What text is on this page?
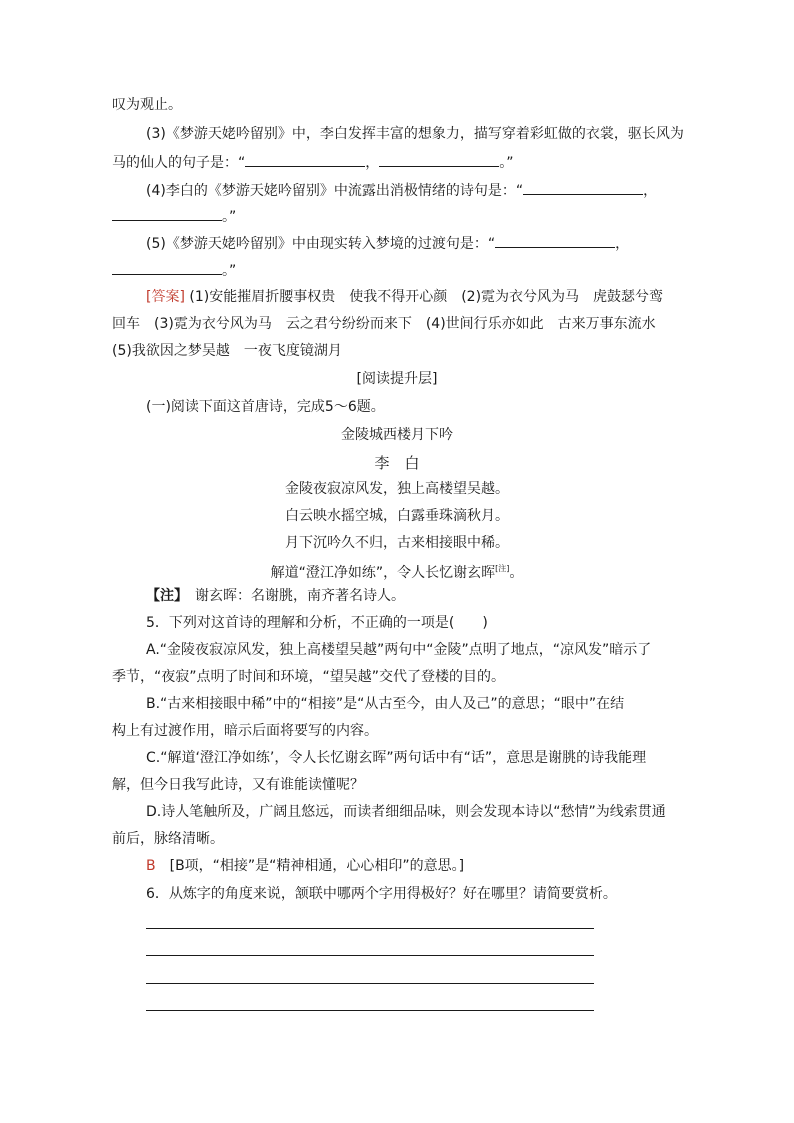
叹为观止。
(3)《梦游天姥吟留别》中，李白发挥丰富的想象力，描写穿着彩虹做的衣裳，驱长风为
马的仙人的句子是：“	，	。”
(4)李白的《梦游天姥吟留别》中流露出消极情绪的诗句是：“	，
。”
(5)《梦游天姥吟留别》中由现实转入梦境的过渡句是：“	，
。”
[答案] (1)安能摧眉折腰事权贵　使我不得开心颜　(2)霓为衣兮风为马　虎鼓瑟兮鸾
回车　(3)霓为衣兮风为马　云之君兮纷纷而来下　(4)世间行乐亦如此　古来万事东流水
(5)我欲因之梦吴越　一夜飞度镜湖月
[阅读提升层]
(一)阅读下面这首唐诗，完成5～6题。
金陵城西楼月下吟
李　白
金陵夜寂凉风发，独上高楼望吴越。
白云映水摇空城，白露垂珠滴秋月。
月下沉吟久不归，古来相接眼中稀。
解道“澄江净如练”，令人长忆谢玄晖[注]。
【注】　谢玄晖：名谢朓，南齐著名诗人。
5．下列对这首诗的理解和分析，不正确的一项是(　　)
A.“金陵夜寂凉风发，独上高楼望吴越”两句中“金陵”点明了地点，“凉风发”暗示了
季节，“夜寂”点明了时间和环境，“望吴越”交代了登楼的目的。
B.“古来相接眼中稀”中的“相接”是“从古至今，由人及己”的意思；“眼中”在结
构上有过渡作用，暗示后面将要写的内容。
C.“解道‘澄江净如练’，令人长忆谢玄晖”两句话中有“话”，意思是谢朓的诗我能理
解，但今日我写此诗，又有谁能读懂呢？
D.诗人笔触所及，广阔且悠远，而读者细细品味，则会发现本诗以“愁情”为线索贯通
前后，脉络清晰。
B　[B项，“相接”是“精神相通，心心相印”的意思。]
6．从炼字的角度来说，颔联中哪两个字用得极好？好在哪里？请简要赏析。
